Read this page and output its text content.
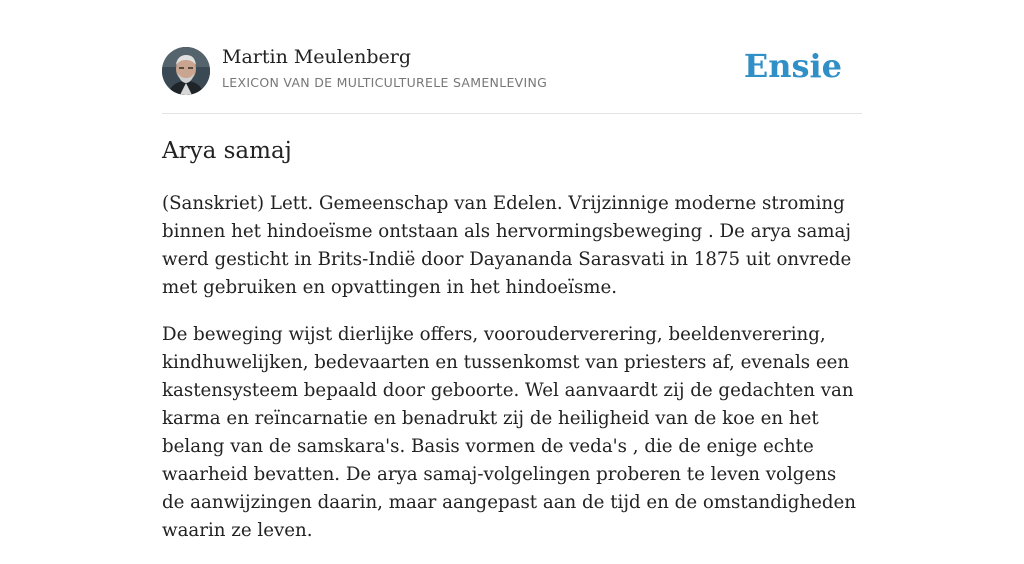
Martin Meulenberg
LEXICON VAN DE MULTICULTURELE SAMENLEVING	Ensie
Arya samaj

(Sanskriet) Lett. Gemeenschap van Edelen. Vrijzinnige moderne stroming binnen het hindoeïsme ontstaan als hervormingsbeweging . De arya samaj werd gesticht in Brits-Indië door Dayananda Sarasvati in 1875 uit onvrede met gebruiken en opvattingen in het hindoeïsme.

De beweging wijst dierlijke offers, voorouderverering, beeldenverering, kindhuwelijken, bedevaarten en tussenkomst van priesters af, evenals een kastensysteem bepaald door geboorte. Wel aanvaardt zij de gedachten van karma en reïncarnatie en benadrukt zij de heiligheid van de koe en het belang van de samskara's. Basis vormen de veda's , die de enige echte waarheid bevatten. De arya samaj-volgelingen proberen te leven volgens de aanwijzingen daarin, maar aangepast aan de tijd en de omstandigheden waarin ze leven.
